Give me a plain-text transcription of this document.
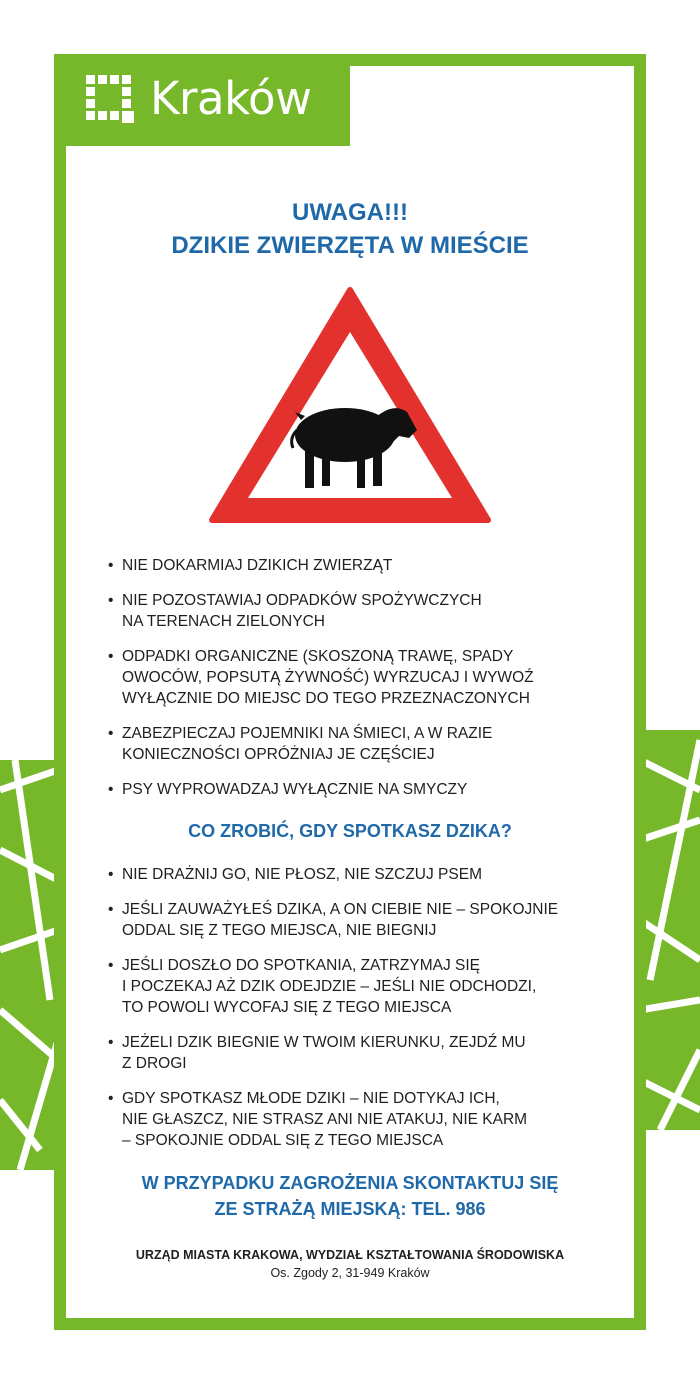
Kraków
UWAGA!!!
DZIKIE ZWIERZĘTA W MIEŚCIE
• NIE DOKARMIAJ DZIKICH ZWIERZĄT
• NIE POZOSTAWIAJ ODPADKÓW SPOŻYWCZYCH
NA TERENACH ZIELONYCH
• ODPADKI ORGANICZNE (SKOSZONĄ TRAWĘ, SPADY
OWOCÓW, POPSUTĄ ŻYWNOŚĆ) WYRZUCAJ I WYWOŹ
WYŁĄCZNIE DO MIEJSC DO TEGO PRZEZNACZONYCH
• ZABEZPIECZAJ POJEMNIKI NA ŚMIECI, A W RAZIE
KONIECZNOŚCI OPRÓŻNIAJ JE CZĘŚCIEJ
• PSY WYPROWADZAJ WYŁĄCZNIE NA SMYCZY
CO ZROBIĆ, GDY SPOTKASZ DZIKA?
• NIE DRAŻNIJ GO, NIE PŁOSZ, NIE SZCZUJ PSEM
• JEŚLI ZAUWAŻYŁEŚ DZIKA, A ON CIEBIE NIE – SPOKOJNIE
ODDAL SIĘ Z TEGO MIEJSCA, NIE BIEGNIJ
• JEŚLI DOSZŁO DO SPOTKANIA, ZATRZYMAJ SIĘ
I POCZEKAJ AŻ DZIK ODEJDZIE – JEŚLI NIE ODCHODZI,
TO POWOLI WYCOFAJ SIĘ Z TEGO MIEJSCA
• JEŻELI DZIK BIEGNIE W TWOIM KIERUNKU, ZEJDŹ MU
Z DROGI
• GDY SPOTKASZ MŁODE DZIKI – NIE DOTYKAJ ICH,
NIE GŁASZCZ, NIE STRASZ ANI NIE ATAKUJ, NIE KARM
– SPOKOJNIE ODDAL SIĘ Z TEGO MIEJSCA
W PRZYPADKU ZAGROŻENIA SKONTAKTUJ SIĘ
ZE STRAŻĄ MIEJSKĄ: TEL. 986
URZĄD MIASTA KRAKOWA, WYDZIAŁ KSZTAŁTOWANIA ŚRODOWISKA
Os. Zgody 2, 31-949 Kraków
